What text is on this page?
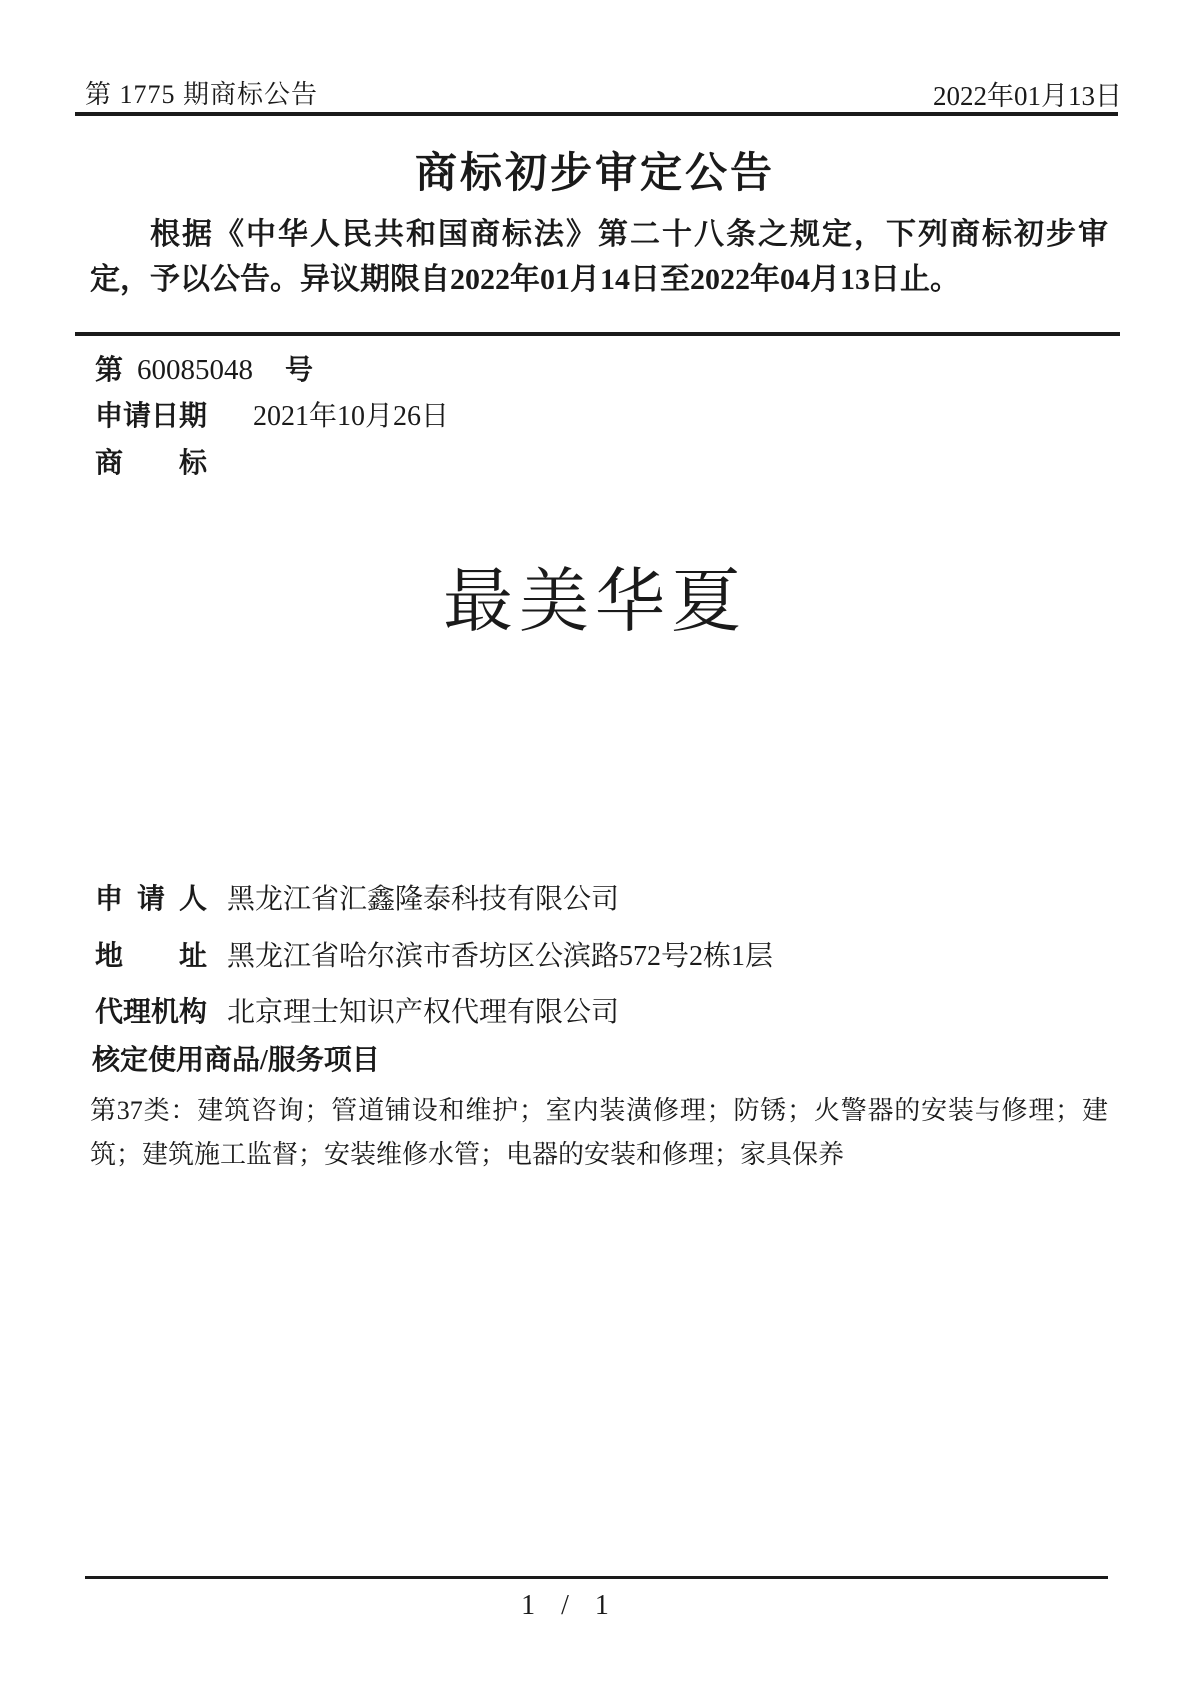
第 1775 期商标公告	2022年01月13日
商标初步审定公告
根据《中华人民共和国商标法》第二十八条之规定，下列商标初步审定，予以公告。异议期限自2022年01月14日至2022年04月13日止。
第 60085048 号
申请日期 2021年10月26日
商标
最美华夏
申请人 黑龙江省汇鑫隆泰科技有限公司
地址 黑龙江省哈尔滨市香坊区公滨路572号2栋1层
代理机构 北京理士知识产权代理有限公司
核定使用商品/服务项目
第37类：建筑咨询；管道铺设和维护；室内装潢修理；防锈；火警器的安装与修理；建筑；建筑施工监督；安装维修水管；电器的安装和修理；家具保养
1 / 1
